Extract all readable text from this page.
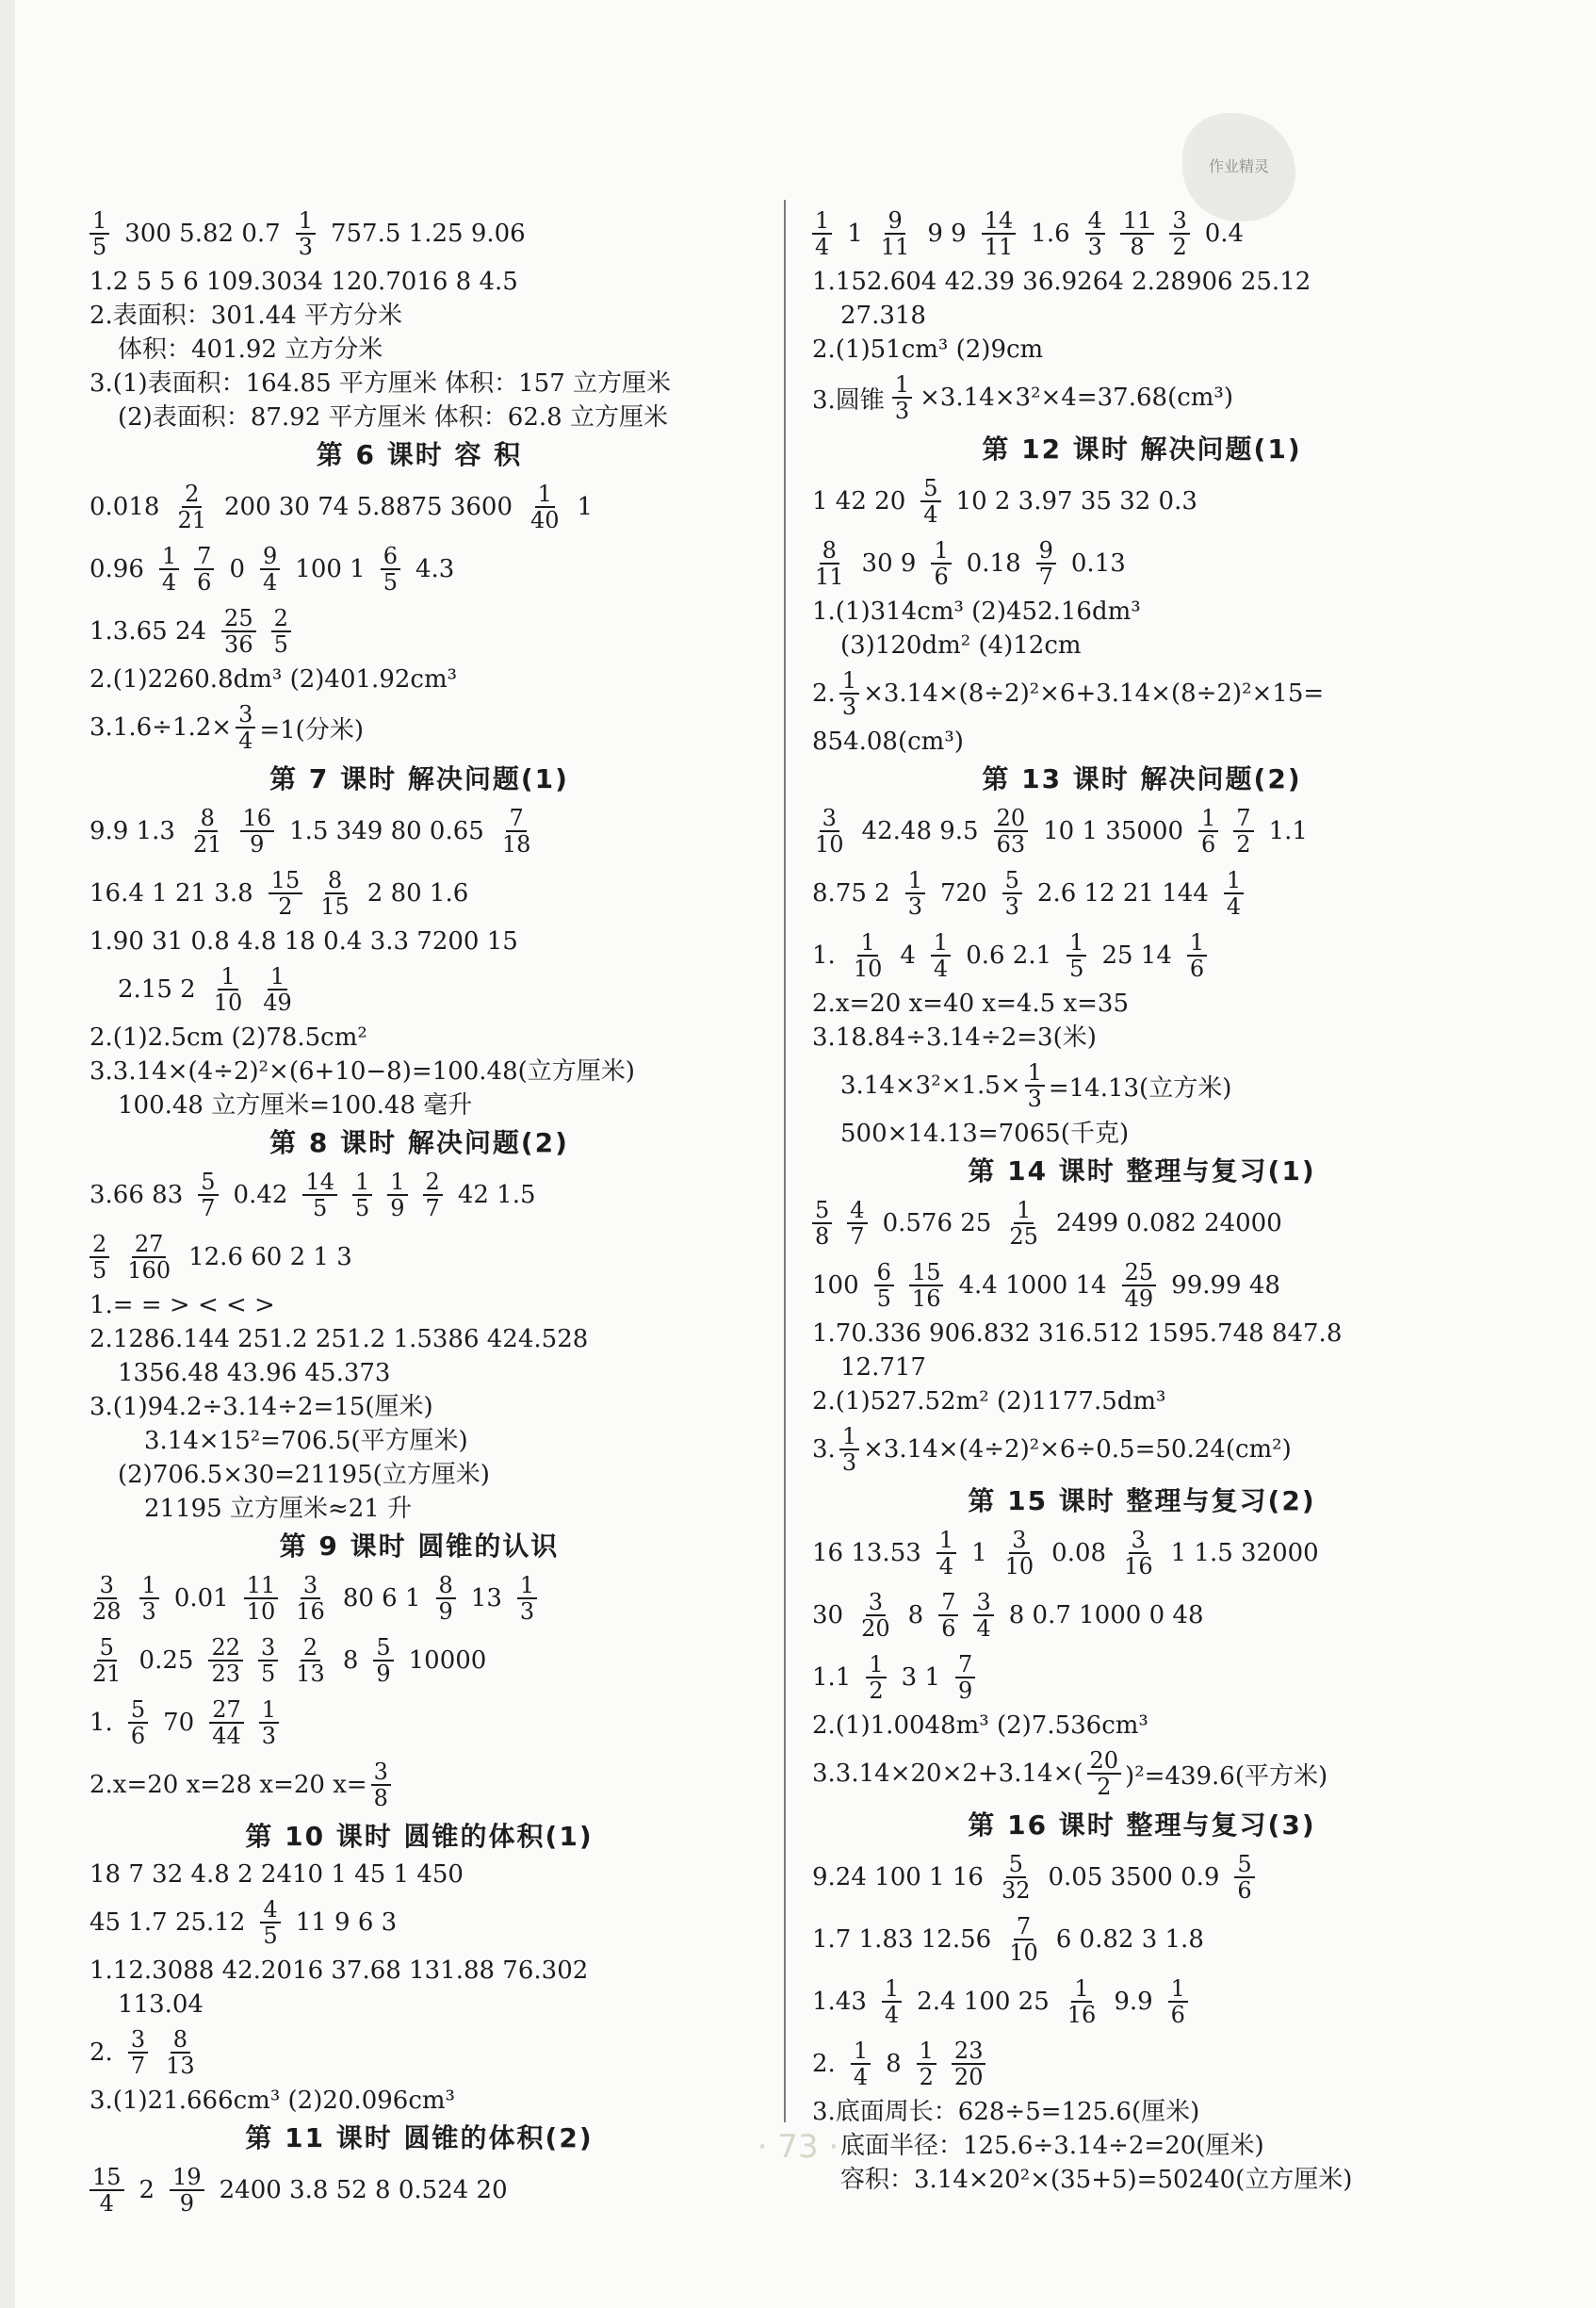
作业精灵
$\frac{1}{5} 300$ 5.82 $0.7 \frac{1}{3} 757.5$ 1.25 9.06
1.2 5 5 6 109.3034 120.7016 8 4.5
2.表面积：301.44 平方分米
体积：401.92 立方分米
3.(1)表面积：164.85 平方厘米 体积：157 立方厘米
(2)表面积：87.92 平方厘米 体积：62.8 立方厘米
第 6 课时 容 积
$0.018 \frac{2}{21} 200$ 30 74 5.8875 $3600 \frac{1}{40} 1$
$0.96 \frac{1}{4} \frac{7}{6} 0 \frac{9}{4} 100$ $1 \frac{6}{5} 4.3$
1.3.65 $24 \frac{25}{36} \frac{2}{5}$
2.(1)2260.8dm³ (2)401.92cm³
$3.1.6\div 1.2\times \frac{3}{4} =1$(分米)
第 7 课时 解决问题(1)
9.9 $1.3 \frac{8}{21} \frac{16}{9} 1.5$ 349 80 $0.65 \frac{7}{18}$
16.4 1 21 $3.8 \frac{15}{2} \frac{8}{15} 2$ 80 1.6
1.90 31 0.8 4.8 18 0.4 3.3 7200 15
2.15 $2 \frac{1}{10} \frac{1}{49}$
2.(1)2.5cm (2)78.5cm²
3.3.14×(4÷2)²×(6+10−8)=100.48(立方厘米)
100.48 立方厘米=100.48 毫升
第 8 课时 解决问题(2)
3.66 $83 \frac{5}{7} 0.42 \frac{14}{5} \frac{1}{5} \frac{1}{9} \frac{2}{7} 42$ 1.5
$\frac{2}{5} \frac{27}{160} 12.6$ 60 2 1 3
1.= = > < < >
2.1286.144 251.2 251.2 1.5386 424.528
1356.48 43.96 45.373
3.(1)94.2÷3.14÷2=15(厘米)
3.14×15²=706.5(平方厘米)
(2)706.5×30=21195(立方厘米)
21195 立方厘米≈21 升
第 9 课时 圆锥的认识
$\frac{3}{28} \frac{1}{3} 0.01 \frac{11}{10} \frac{3}{16} 80$ 6 $1 \frac{8}{9} 13 \frac{1}{3}$
$\frac{5}{21} 0.25 \frac{22}{23} \frac{3}{5} \frac{2}{13} 8 \frac{5}{9} 10000$
1. $\frac{5}{6} 70 \frac{27}{44} \frac{1}{3}$
2.x=20 x=28 x=20 $x= \frac{3}{8}$
第 10 课时 圆锥的体积(1)
18 7 32 4.8 2 2410 1 45 1 450
45 1.7 $25.12 \frac{4}{5} 11$ 9 6 3
1.12.3088 42.2016 37.68 131.88 76.302
113.04
2. $\frac{3}{7} \frac{8}{13}$
3.(1)21.666cm³ (2)20.096cm³
第 11 课时 圆锥的体积(2)
$\frac{15}{4} 2 \frac{19}{9} 2400$ 3.8 52 8 0.524 20
$\frac{1}{4} 1 \frac{9}{11} 9$ $9 \frac{14}{11} 1.6 \frac{4}{3} \frac{11}{8} \frac{3}{2} 0.4$
1.152.604 42.39 36.9264 2.28906 25.12
27.318
2.(1)51cm³ (2)9cm
3.圆锥 $\frac{1}{3} \times 3.14\times 3^2\times 4=37.68(cm^3)$
第 12 课时 解决问题(1)
1 42 $20 \frac{5}{4} 10$ 2 3.97 35 32 0.3
$\frac{8}{11} 30$ $9 \frac{1}{6} 0.18 \frac{9}{7} 0.13$
1.(1)314cm³ (2)452.16dm³
(3)120dm² (4)12cm
2. $\frac{1}{3} \times 3.14\times(8\div 2)^2\times 6+3.14\times(8\div 2)^2\times 15=$
854.08(cm³)
第 13 课时 解决问题(2)
$\frac{3}{10} 42.48$ $9.5 \frac{20}{63} 10$ 1 $35000 \frac{1}{6} \frac{7}{2} 1.1$
8.75 $2 \frac{1}{3} 720 \frac{5}{3} 2.6$ 12 21 $144 \frac{1}{4}$
1. $\frac{1}{10} 4 \frac{1}{4} 0.6$ $2.1 \frac{1}{5} 25$ $14 \frac{1}{6}$
2.x=20 x=40 x=4.5 x=35
3.18.84÷3.14÷2=3(米)
$3.14\times 3^2\times 1.5\times \frac{1}{3} =14.13$(立方米)
500×14.13=7065(千克)
第 14 课时 整理与复习(1)
$\frac{5}{8} \frac{4}{7} 0.576$ $25 \frac{1}{25} 2499$ 0.082 24000
$100 \frac{6}{5} \frac{15}{16} 4.4$ 1000 $14 \frac{25}{49} 99.99$ 48
1.70.336 906.832 316.512 1595.748 847.8
12.717
2.(1)527.52m² (2)1177.5dm³
3. $\frac{1}{3} \times 3.14\times(4\div 2)^2\times 6\div 0.5=50.24(cm^2)$
第 15 课时 整理与复习(2)
16 $13.53 \frac{1}{4} 1 \frac{3}{10} 0.08 \frac{3}{16} 1$ 1.5 32000
$30 \frac{3}{20} 8 \frac{7}{6} \frac{3}{4} 8$ 0.7 1000 0 48
$1.1 \frac{1}{2} 3$ $1 \frac{7}{9}$
2.(1)1.0048m³ (2)7.536cm³
$3.3.14\times 20\times 2+3.14\times( \frac{20}{2} )^2=439.6$(平方米)
第 16 课时 整理与复习(3)
9.24 100 1 $16 \frac{5}{32} 0.05$ 3500 $0.9 \frac{5}{6}$
1.7 1.83 $12.56 \frac{7}{10} 6$ 0.82 3 1.8
$1.43 \frac{1}{4} 2.4$ 100 $25 \frac{1}{16} 9.9 \frac{1}{6}$
2. $\frac{1}{4} 8 \frac{1}{2} \frac{23}{20}$
3.底面周长：628÷5=125.6(厘米)
底面半径：125.6÷3.14÷2=20(厘米)
容积：3.14×20²×(35+5)=50240(立方厘米)
· 73 ·
